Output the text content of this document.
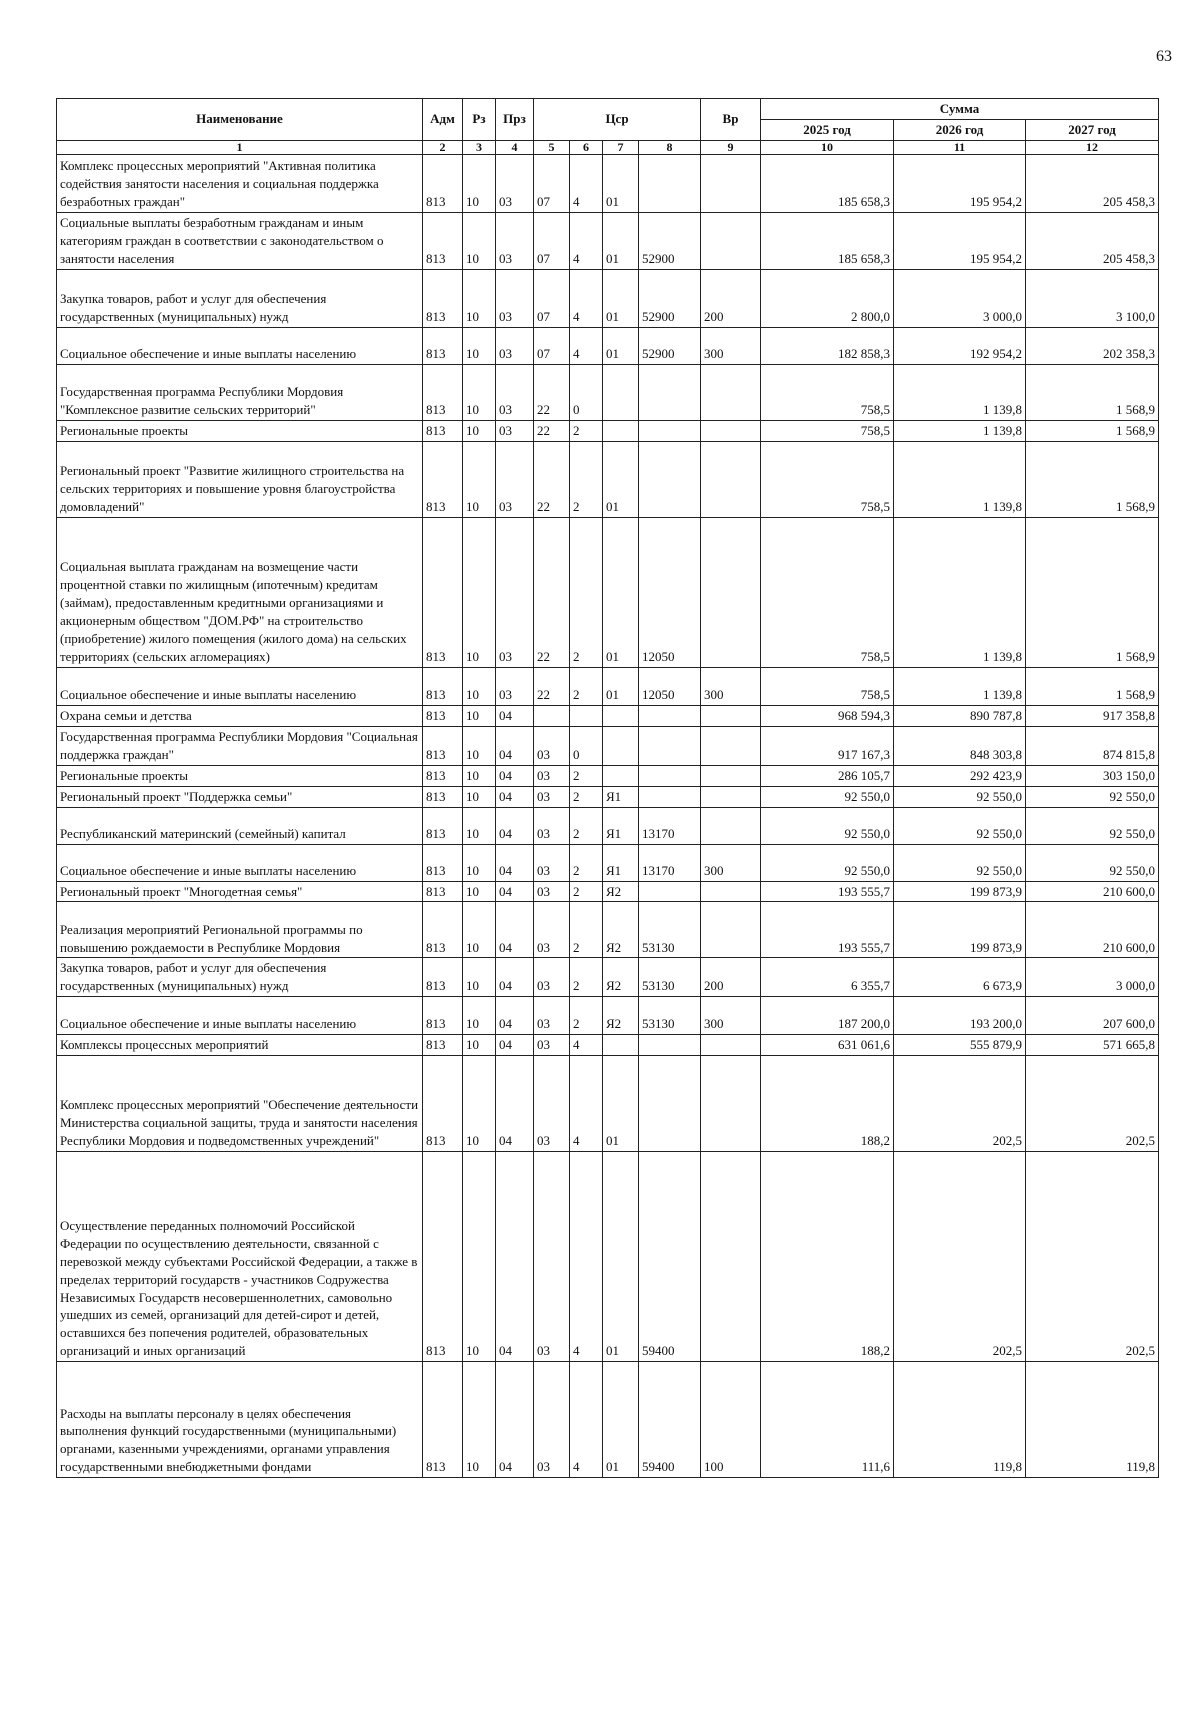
63
Наименование	Адм	Рз	Прз	Цср				Вр	Сумма		
									2025 год	2026 год	2027 год
1	2	3	4	5	6	7	8	9	10	11	12
Комплекс процессных мероприятий "Активная политика содействия занятости населения и социальная поддержка безработных граждан"	813	10	03	07	4	01			185 658,3	195 954,2	205 458,3
Социальные выплаты безработным гражданам и иным категориям граждан в соответствии с законодательством о занятости населения	813	10	03	07	4	01	52900		185 658,3	195 954,2	205 458,3
Закупка товаров, работ и услуг для обеспечения государственных (муниципальных) нужд	813	10	03	07	4	01	52900	200	2 800,0	3 000,0	3 100,0
Социальное обеспечение и иные выплаты населению	813	10	03	07	4	01	52900	300	182 858,3	192 954,2	202 358,3
Государственная программа Республики Мордовия "Комплексное развитие сельских территорий"	813	10	03	22	0				758,5	1 139,8	1 568,9
Региональные проекты	813	10	03	22	2				758,5	1 139,8	1 568,9
Региональный проект "Развитие жилищного строительства на сельских территориях и повышение уровня благоустройства домовладений"	813	10	03	22	2	01			758,5	1 139,8	1 568,9
Социальная выплата гражданам на возмещение части процентной ставки по жилищным (ипотечным) кредитам (займам), предоставленным кредитными организациями и акционерным обществом "ДОМ.РФ" на строительство (приобретение) жилого помещения (жилого дома) на сельских территориях (сельских агломерациях)	813	10	03	22	2	01	12050		758,5	1 139,8	1 568,9
Социальное обеспечение и иные выплаты населению	813	10	03	22	2	01	12050	300	758,5	1 139,8	1 568,9
Охрана семьи и детства	813	10	04						968 594,3	890 787,8	917 358,8
Государственная программа Республики Мордовия "Социальная поддержка граждан"	813	10	04	03	0				917 167,3	848 303,8	874 815,8
Региональные проекты	813	10	04	03	2				286 105,7	292 423,9	303 150,0
Региональный проект "Поддержка семьи"	813	10	04	03	2	Я1			92 550,0	92 550,0	92 550,0
Республиканский материнский (семейный) капитал	813	10	04	03	2	Я1	13170		92 550,0	92 550,0	92 550,0
Социальное обеспечение и иные выплаты населению	813	10	04	03	2	Я1	13170	300	92 550,0	92 550,0	92 550,0
Региональный проект "Многодетная семья"	813	10	04	03	2	Я2			193 555,7	199 873,9	210 600,0
Реализация мероприятий Региональной программы по повышению рождаемости в Республике Мордовия	813	10	04	03	2	Я2	53130		193 555,7	199 873,9	210 600,0
Закупка товаров, работ и услуг для обеспечения государственных (муниципальных) нужд	813	10	04	03	2	Я2	53130	200	6 355,7	6 673,9	3 000,0
Социальное обеспечение и иные выплаты населению	813	10	04	03	2	Я2	53130	300	187 200,0	193 200,0	207 600,0
Комплексы процессных мероприятий	813	10	04	03	4				631 061,6	555 879,9	571 665,8
Комплекс процессных мероприятий "Обеспечение деятельности Министерства социальной защиты, труда и занятости населения Республики Мордовия и подведомственных учреждений"	813	10	04	03	4	01			188,2	202,5	202,5
Осуществление переданных полномочий Российской Федерации по осуществлению деятельности, связанной с перевозкой между субъектами Российской Федерации, а также в пределах территорий государств - участников Содружества Независимых Государств несовершеннолетних, самовольно ушедших из семей, организаций для детей-сирот и детей, оставшихся без попечения родителей, образовательных организаций и иных организаций	813	10	04	03	4	01	59400		188,2	202,5	202,5
Расходы на выплаты персоналу в целях обеспечения выполнения функций государственными (муниципальными) органами, казенными учреждениями, органами управления государственными внебюджетными фондами	813	10	04	03	4	01	59400	100	111,6	119,8	119,8
